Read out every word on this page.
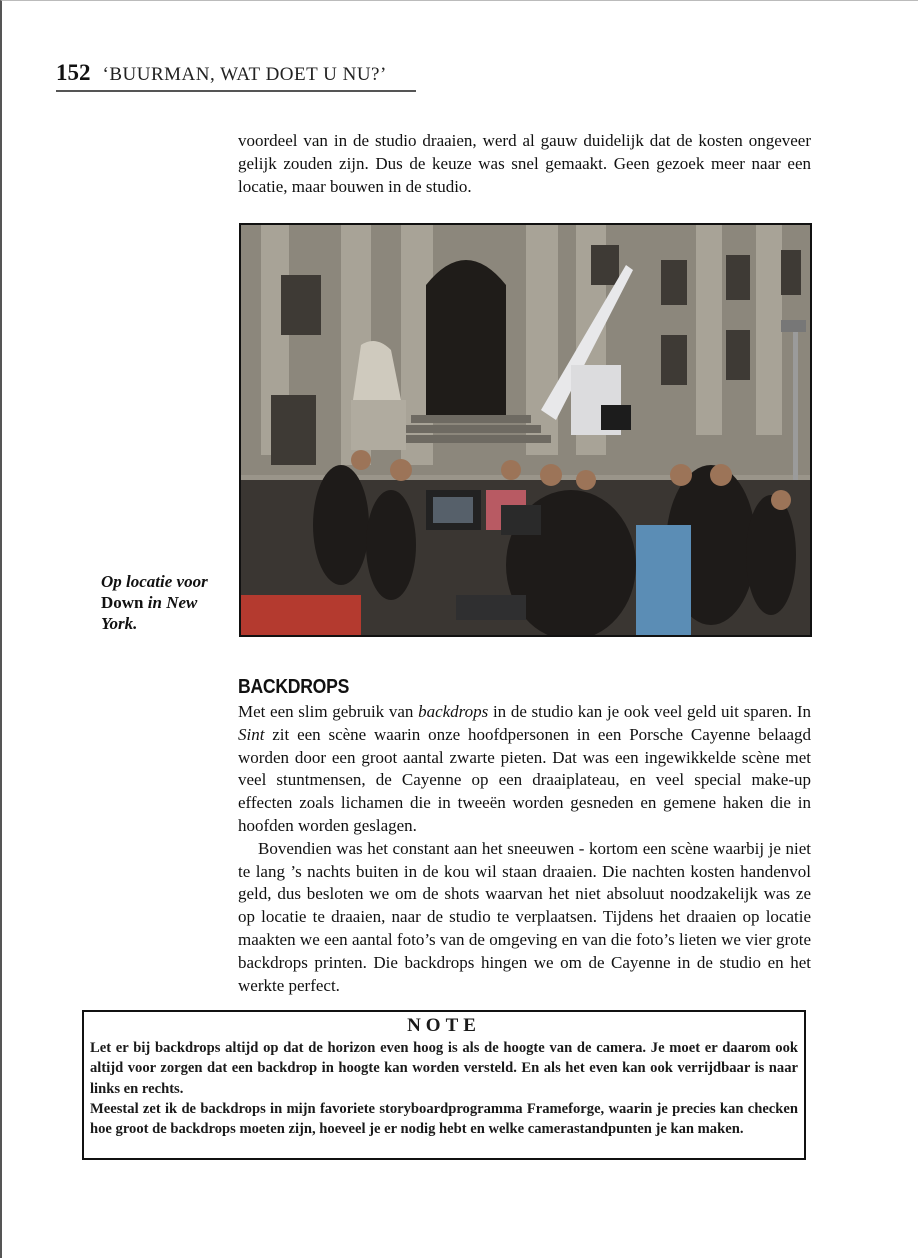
152 ‘BUURMAN, WAT DOET U NU?’

voordeel van in de studio draaien, werd al gauw duidelijk dat de kosten ongeveer gelijk zouden zijn. Dus de keuze was snel gemaakt. Geen gezoek meer naar een locatie, maar bouwen in de studio.

Op locatie voor Down in New York.
BACKDROPS

Met een slim gebruik van backdrops in de studio kan je ook veel geld uit sparen. In Sint zit een scène waarin onze hoofdpersonen in een Porsche Cayenne belaagd worden door een groot aantal zwarte pieten. Dat was een ingewikkelde scène met veel stuntmensen, de Cayenne op een draaiplateau, en veel special make-up effecten zoals lichamen die in tweeën worden gesneden en gemene haken die in hoofden worden geslagen.

Bovendien was het constant aan het sneeuwen - kortom een scène waarbij je niet te lang ’s nachts buiten in de kou wil staan draaien. Die nachten kosten handenvol geld, dus besloten we om de shots waarvan het niet absoluut noodzakelijk was ze op locatie te draaien, naar de studio te verplaatsen. Tijdens het draaien op locatie maakten we een aantal foto’s van de omgeving en van die foto’s lieten we vier grote backdrops printen. Die backdrops hingen we om de Cayenne in de studio en het werkte perfect.

NOTE

Let er bij backdrops altijd op dat de horizon even hoog is als de hoogte van de camera. Je moet er daarom ook altijd voor zorgen dat een backdrop in hoogte kan worden versteld. En als het even kan ook verrijdbaar is naar links en rechts.

Meestal zet ik de backdrops in mijn favoriete storyboardprogramma Frameforge, waarin je precies kan checken hoe groot de backdrops moeten zijn, hoeveel je er nodig hebt en welke camerastandpunten je kan maken.
